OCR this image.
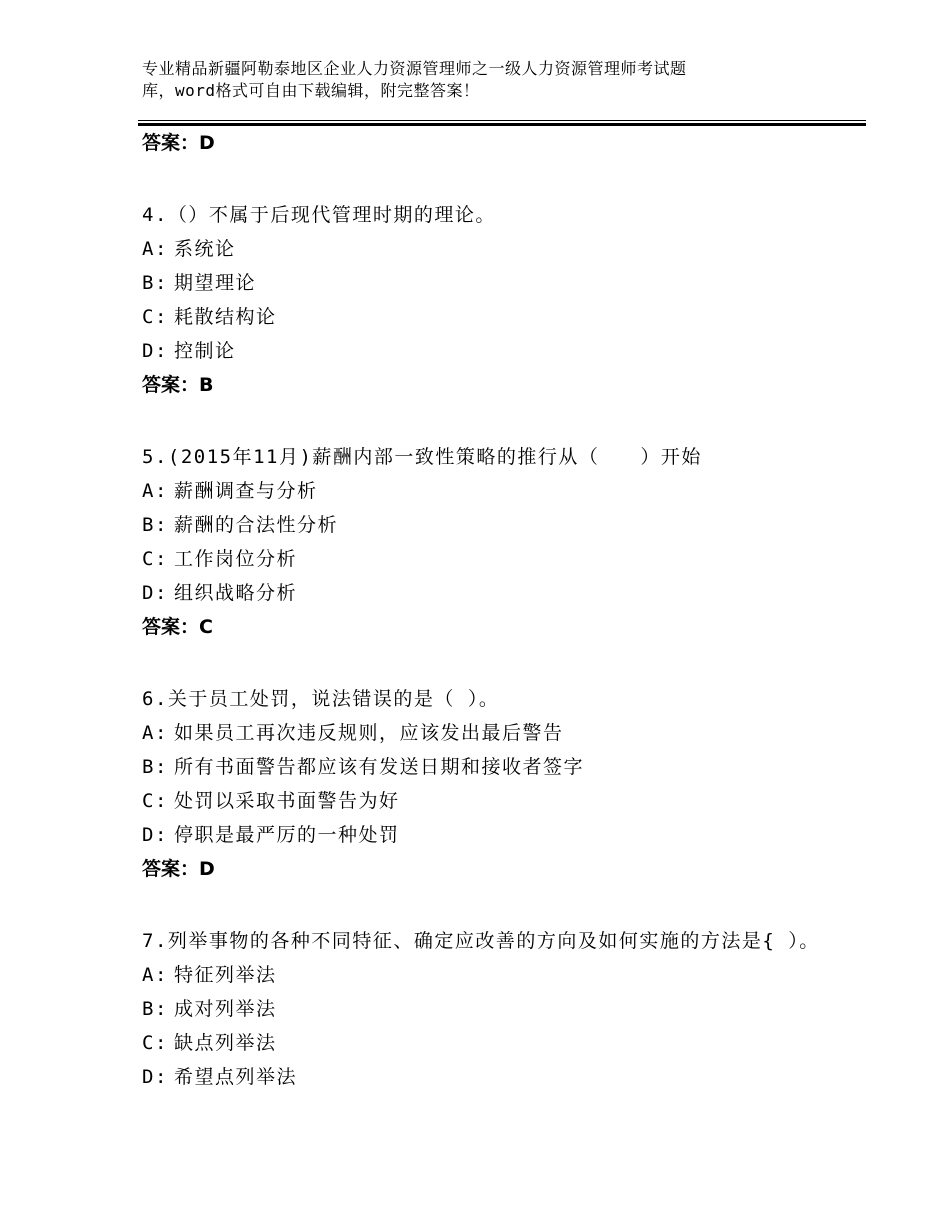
专业精品新疆阿勒泰地区企业人力资源管理师之一级人力资源管理师考试题
库，word格式可自由下载编辑，附完整答案！
答案：D
4.（）不属于后现代管理时期的理论。
A: 系统论
B: 期望理论
C: 耗散结构论
D: 控制论
答案：B
5.(2015年11月)薪酬内部一致性策略的推行从（　　）开始
A: 薪酬调查与分析
B: 薪酬的合法性分析
C: 工作岗位分析
D: 组织战略分析
答案：C
6.关于员工处罚，说法错误的是（ ）。
A: 如果员工再次违反规则，应该发出最后警告
B: 所有书面警告都应该有发送日期和接收者签字
C: 处罚以采取书面警告为好
D: 停职是最严厉的一种处罚
答案：D
7.列举事物的各种不同特征、确定应改善的方向及如何实施的方法是{ ）。
A: 特征列举法
B: 成对列举法
C: 缺点列举法
D: 希望点列举法
